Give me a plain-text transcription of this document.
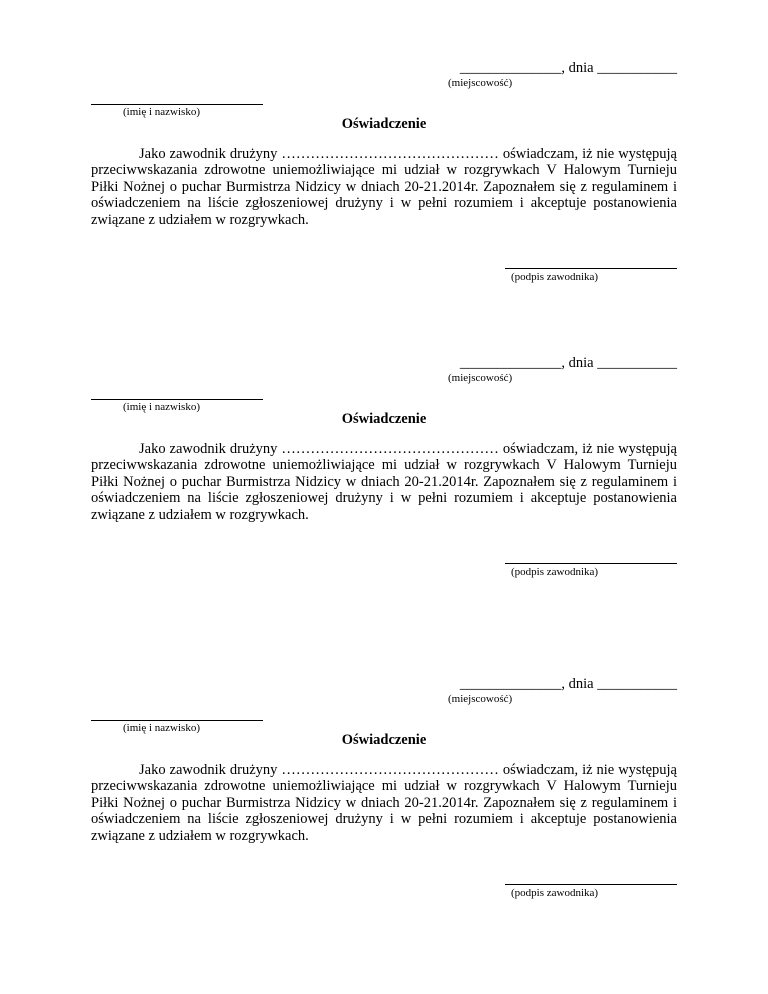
______________, dnia ___________
(miejscowość)
(imię i nazwisko)
Oświadczenie

Jako zawodnik drużyny ……………………………………… oświadczam, iż nie występują przeciwwskazania zdrowotne uniemożliwiające mi udział w rozgrywkach V Halowym Turnieju Piłki Nożnej o puchar Burmistrza Nidzicy w dniach 20-21.2014r. Zapoznałem się z regulaminem i oświadczeniem na liście zgłoszeniowej drużyny i w pełni rozumiem i akceptuje postanowienia związane z udziałem w rozgrywkach.

(podpis zawodnika)
______________, dnia ___________
(miejscowość)
(imię i nazwisko)
Oświadczenie

Jako zawodnik drużyny ……………………………………… oświadczam, iż nie występują przeciwwskazania zdrowotne uniemożliwiające mi udział w rozgrywkach V Halowym Turnieju Piłki Nożnej o puchar Burmistrza Nidzicy w dniach 20-21.2014r. Zapoznałem się z regulaminem i oświadczeniem na liście zgłoszeniowej drużyny i w pełni rozumiem i akceptuje postanowienia związane z udziałem w rozgrywkach.

(podpis zawodnika)
______________, dnia ___________
(miejscowość)
(imię i nazwisko)
Oświadczenie

Jako zawodnik drużyny ……………………………………… oświadczam, iż nie występują przeciwwskazania zdrowotne uniemożliwiające mi udział w rozgrywkach V Halowym Turnieju Piłki Nożnej o puchar Burmistrza Nidzicy w dniach 20-21.2014r. Zapoznałem się z regulaminem i oświadczeniem na liście zgłoszeniowej drużyny i w pełni rozumiem i akceptuje postanowienia związane z udziałem w rozgrywkach.

(podpis zawodnika)
